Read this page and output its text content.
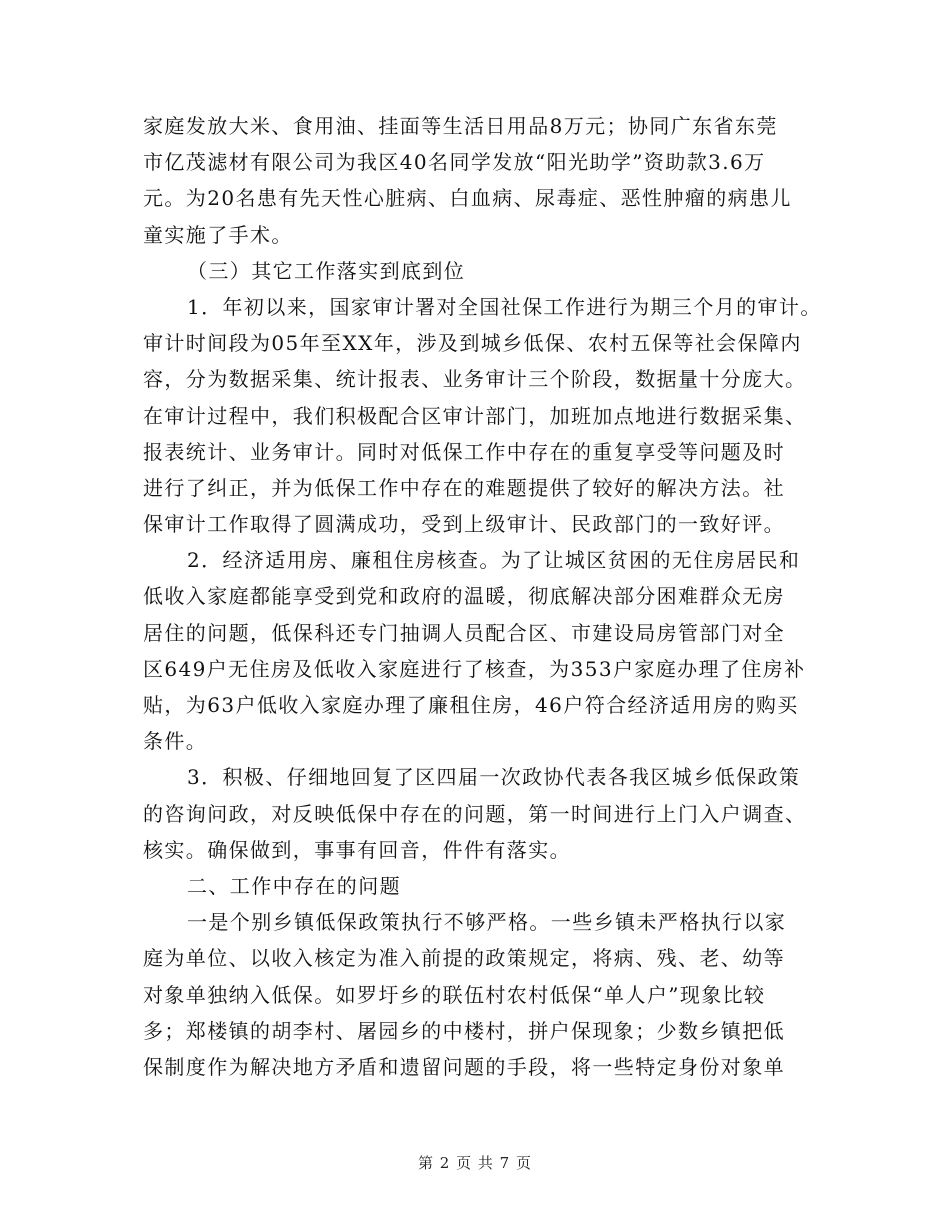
家庭发放大米、食用油、挂面等生活日用品8万元；协同广东省东莞
市亿茂滤材有限公司为我区40名同学发放“阳光助学”资助款3.6万
元。为20名患有先天性心脏病、白血病、尿毒症、恶性肿瘤的病患儿
童实施了手术。
（三）其它工作落实到底到位
1．年初以来，国家审计署对全国社保工作进行为期三个月的审计。
审计时间段为05年至XX年，涉及到城乡低保、农村五保等社会保障内
容，分为数据采集、统计报表、业务审计三个阶段，数据量十分庞大。
在审计过程中，我们积极配合区审计部门，加班加点地进行数据采集、
报表统计、业务审计。同时对低保工作中存在的重复享受等问题及时
进行了纠正，并为低保工作中存在的难题提供了较好的解决方法。社
保审计工作取得了圆满成功，受到上级审计、民政部门的一致好评。
2．经济适用房、廉租住房核查。为了让城区贫困的无住房居民和
低收入家庭都能享受到党和政府的温暖，彻底解决部分困难群众无房
居住的问题，低保科还专门抽调人员配合区、市建设局房管部门对全
区649户无住房及低收入家庭进行了核查，为353户家庭办理了住房补
贴，为63户低收入家庭办理了廉租住房，46户符合经济适用房的购买
条件。
3．积极、仔细地回复了区四届一次政协代表各我区城乡低保政策
的咨询问政，对反映低保中存在的问题，第一时间进行上门入户调查、
核实。确保做到，事事有回音，件件有落实。
二、工作中存在的问题
一是个别乡镇低保政策执行不够严格。一些乡镇未严格执行以家
庭为单位、以收入核定为准入前提的政策规定，将病、残、老、幼等
对象单独纳入低保。如罗圩乡的联伍村农村低保“单人户”现象比较
多；郑楼镇的胡李村、屠园乡的中楼村，拼户保现象；少数乡镇把低
保制度作为解决地方矛盾和遗留问题的手段，将一些特定身份对象单
第 2 页 共 7 页
